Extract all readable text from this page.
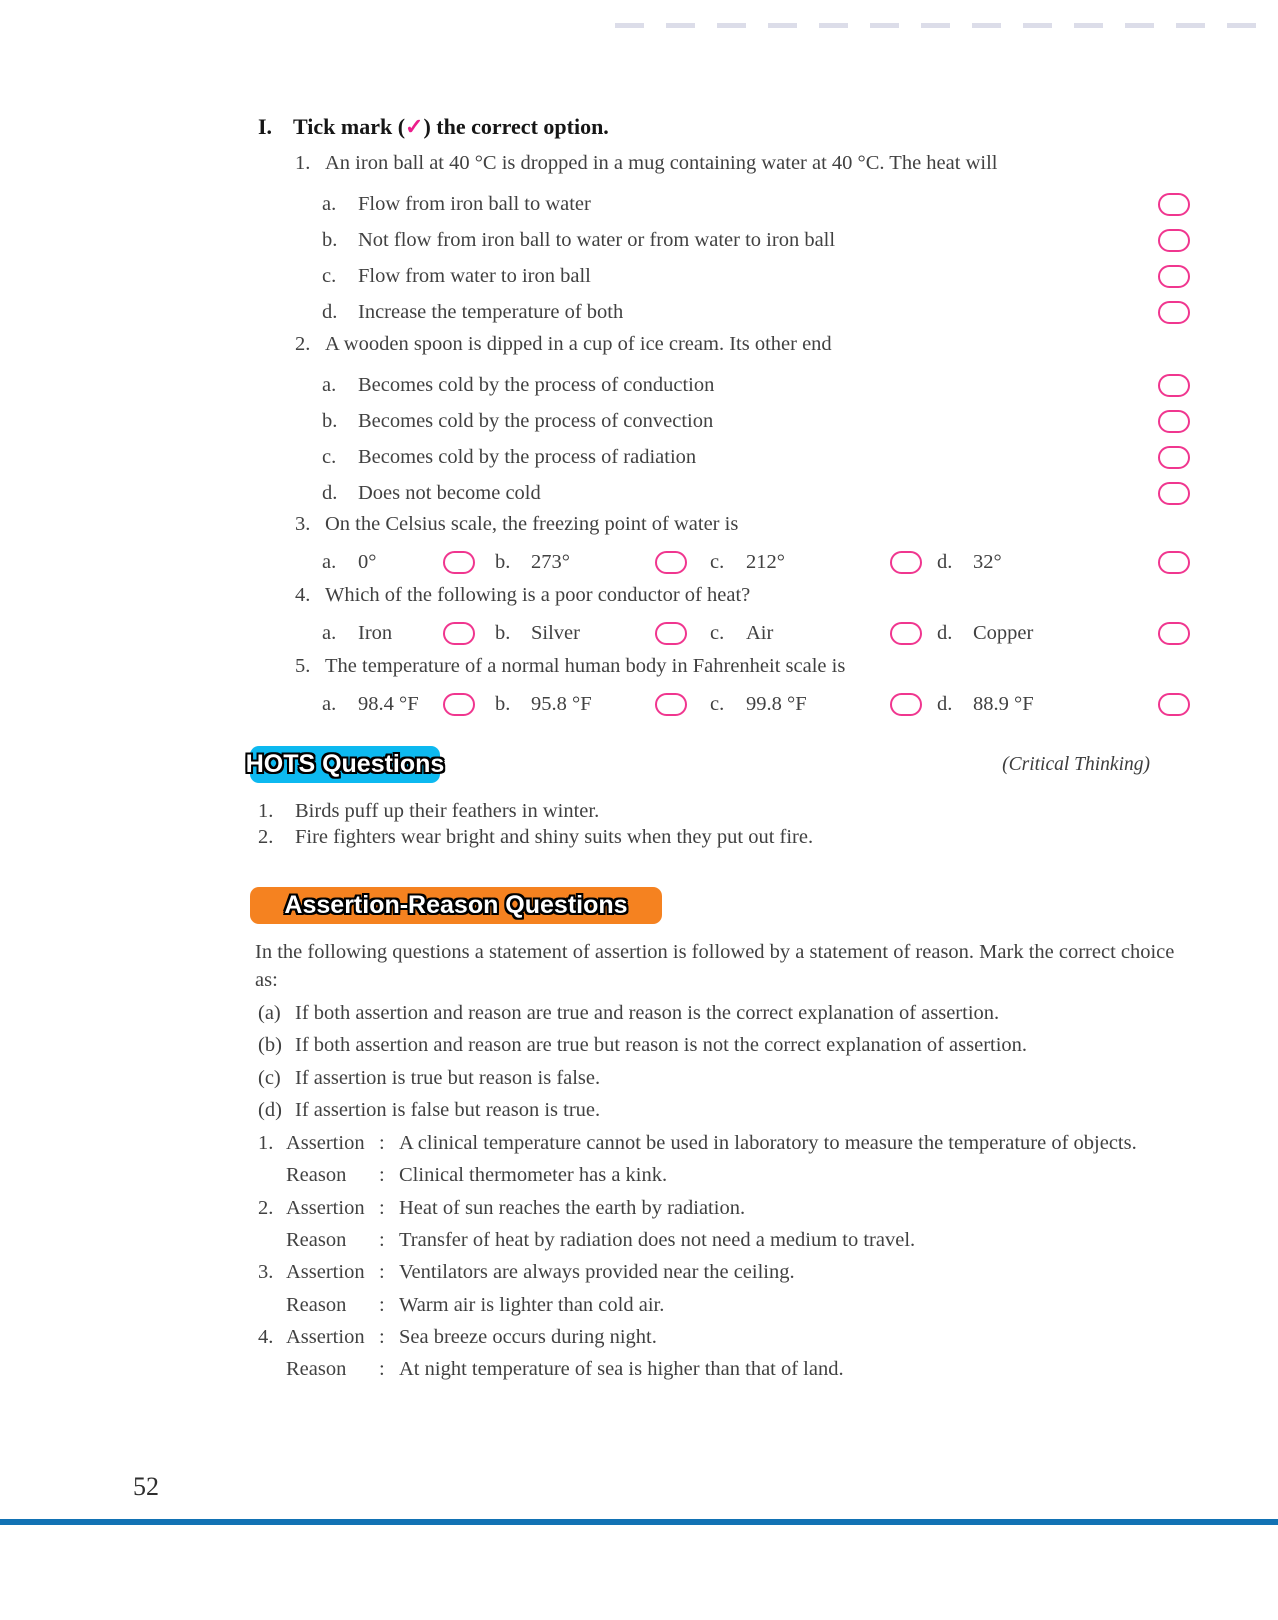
I. Tick mark (✓) the correct option.
1. An iron ball at 40 °C is dropped in a mug containing water at 40 °C. The heat will
a.	Flow from iron ball to water
b.	Not flow from iron ball to water or from water to iron ball
c.	Flow from water to iron ball
d.	Increase the temperature of both
2. A wooden spoon is dipped in a cup of ice cream. Its other end
a.	Becomes cold by the process of conduction
b.	Becomes cold by the process of convection
c.	Becomes cold by the process of radiation
d.	Does not become cold
3. On the Celsius scale, the freezing point of water is
a.	0°	b.	273°	c.	212°	d.	32°
4. Which of the following is a poor conductor of heat?
a.	Iron	b.	Silver	c.	Air	d.	Copper
5. The temperature of a normal human body in Fahrenheit scale is
a.	98.4 °F	b.	95.8 °F	c.	99.8 °F	d.	88.9 °F
HOTS Questions	(Critical Thinking)
1.	Birds puff up their feathers in winter.
2.	Fire fighters wear bright and shiny suits when they put out fire.
Assertion-Reason Questions
In the following questions a statement of assertion is followed by a statement of reason. Mark the correct choice as:
(a) If both assertion and reason are true and reason is the correct explanation of assertion.
(b) If both assertion and reason are true but reason is not the correct explanation of assertion.
(c) If assertion is true but reason is false.
(d) If assertion is false but reason is true.
1. Assertion : A clinical temperature cannot be used in laboratory to measure the temperature of objects.
Reason	: Clinical thermometer has a kink.
2. Assertion : Heat of sun reaches the earth by radiation.
Reason	: Transfer of heat by radiation does not need a medium to travel.
3. Assertion : Ventilators are always provided near the ceiling.
Reason	: Warm air is lighter than cold air.
4. Assertion : Sea breeze occurs during night.
Reason	: At night temperature of sea is higher than that of land.
52
